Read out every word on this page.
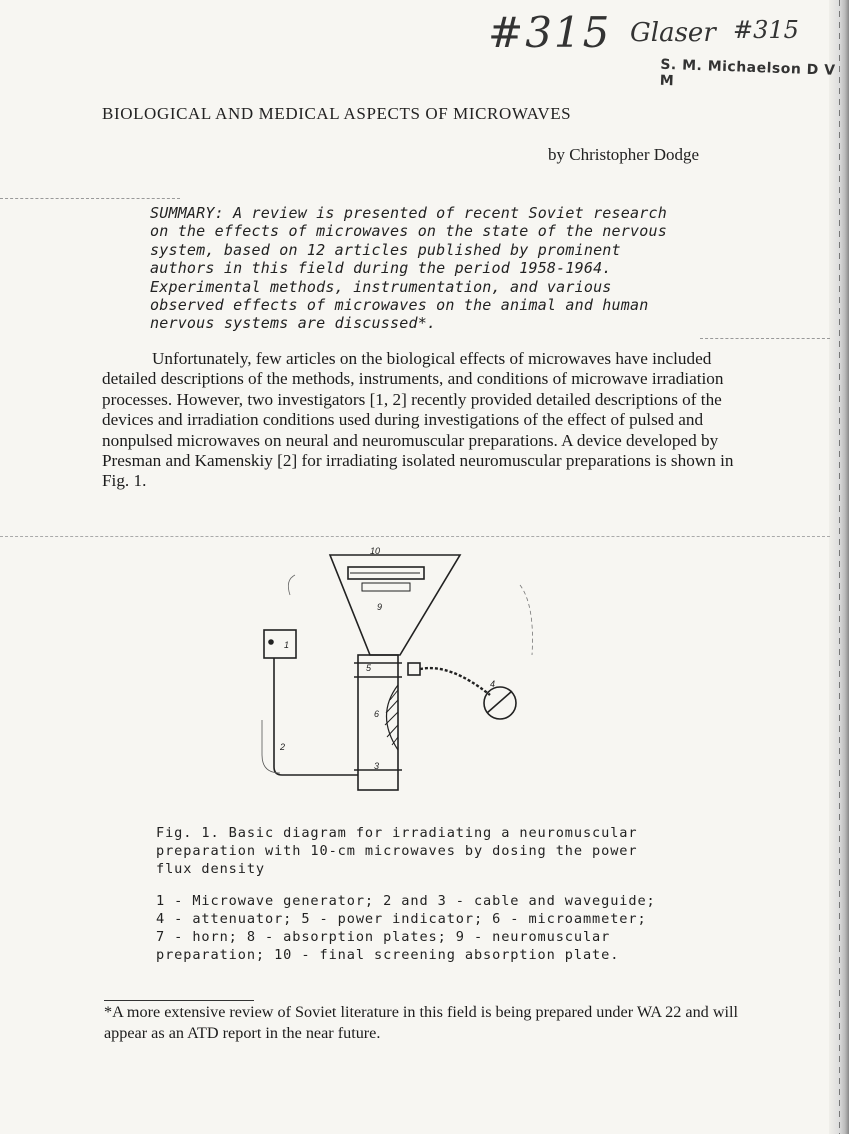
#315 Glaser #315
S. M. Michaelson D V M
BIOLOGICAL AND MEDICAL ASPECTS OF MICROWAVES
by Christopher Dodge
SUMMARY: A review is presented of recent Soviet research on the effects of microwaves on the state of the nervous system, based on 12 articles published by prominent authors in this field during the period 1958-1964. Experimental methods, instrumentation, and various observed effects of microwaves on the animal and human nervous systems are discussed*.
Unfortunately, few articles on the biological effects of microwaves have included detailed descriptions of the methods, instruments, and conditions of microwave irradiation processes. However, two investigators [1, 2] recently provided detailed descriptions of the devices and irradiation conditions used during investigations of the effect of pulsed and nonpulsed microwaves on neural and neuromuscular preparations. A device developed by Presman and Kamenskiy [2] for irradiating isolated neuromuscular preparations is shown in Fig. 1.
10
9
1
5
4
6
2
3
Fig. 1. Basic diagram for irradiating a neuromuscular preparation with 10-cm microwaves by dosing the power flux density
1 - Microwave generator; 2 and 3 - cable and waveguide; 4 - attenuator; 5 - power indicator; 6 - microammeter; 7 - horn; 8 - absorption plates; 9 - neuromuscular preparation; 10 - final screening absorption plate.
*A more extensive review of Soviet literature in this field is being prepared under WA 22 and will appear as an ATD report in the near future.
